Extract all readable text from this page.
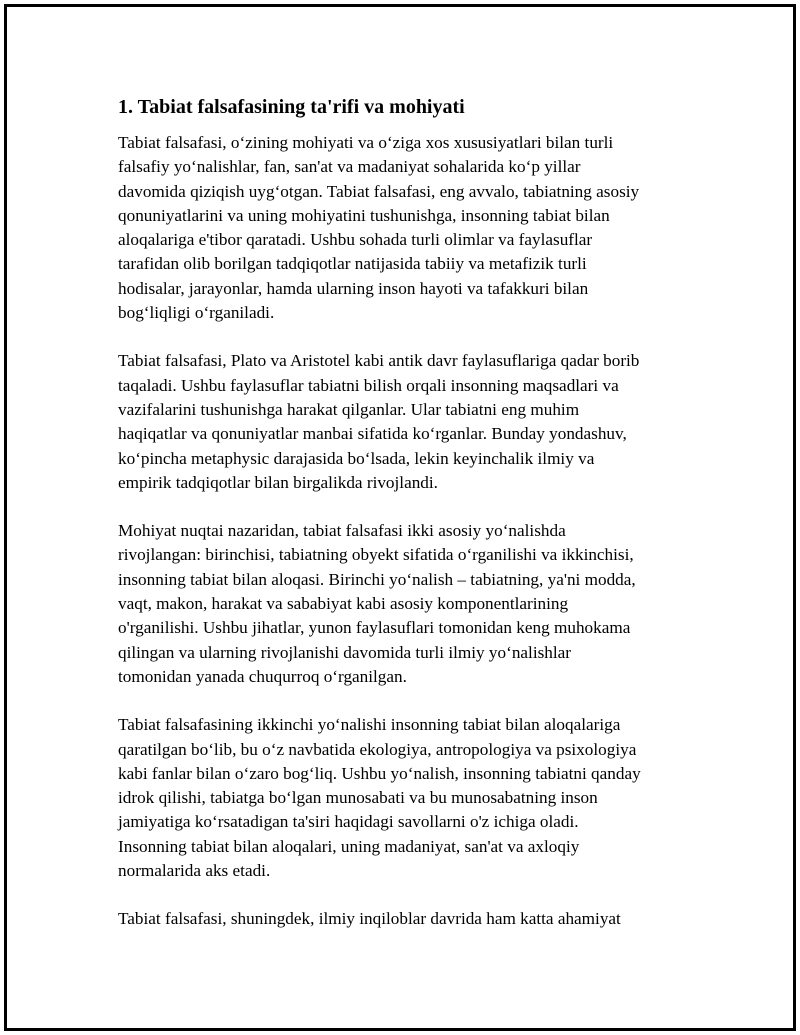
1. Tabiat falsafasining ta'rifi va mohiyati

Tabiat falsafasi, o‘zining mohiyati va o‘ziga xos xususiyatlari bilan turli
falsafiy yo‘nalishlar, fan, san'at va madaniyat sohalarida ko‘p yillar
davomida qiziqish uyg‘otgan. Tabiat falsafasi, eng avvalo, tabiatning asosiy
qonuniyatlarini va uning mohiyatini tushunishga, insonning tabiat bilan
aloqalariga e'tibor qaratadi. Ushbu sohada turli olimlar va faylasuflar
tarafidan olib borilgan tadqiqotlar natijasida tabiiy va metafizik turli
hodisalar, jarayonlar, hamda ularning inson hayoti va tafakkuri bilan
bog‘liqligi o‘rganiladi.

Tabiat falsafasi, Plato va Aristotel kabi antik davr faylasuflariga qadar borib
taqaladi. Ushbu faylasuflar tabiatni bilish orqali insonning maqsadlari va
vazifalarini tushunishga harakat qilganlar. Ular tabiatni eng muhim
haqiqatlar va qonuniyatlar manbai sifatida ko‘rganlar. Bunday yondashuv,
ko‘pincha metaphysic darajasida bo‘lsada, lekin keyinchalik ilmiy va
empirik tadqiqotlar bilan birgalikda rivojlandi.

Mohiyat nuqtai nazaridan, tabiat falsafasi ikki asosiy yo‘nalishda
rivojlangan: birinchisi, tabiatning obyekt sifatida o‘rganilishi va ikkinchisi,
insonning tabiat bilan aloqasi. Birinchi yo‘nalish – tabiatning, ya'ni modda,
vaqt, makon, harakat va sababiyat kabi asosiy komponentlarining
o'rganilishi. Ushbu jihatlar, yunon faylasuflari tomonidan keng muhokama
qilingan va ularning rivojlanishi davomida turli ilmiy yo‘nalishlar
tomonidan yanada chuqurroq o‘rganilgan.

Tabiat falsafasining ikkinchi yo‘nalishi insonning tabiat bilan aloqalariga
qaratilgan bo‘lib, bu o‘z navbatida ekologiya, antropologiya va psixologiya
kabi fanlar bilan o‘zaro bog‘liq. Ushbu yo‘nalish, insonning tabiatni qanday
idrok qilishi, tabiatga bo‘lgan munosabati va bu munosabatning inson
jamiyatiga ko‘rsatadigan ta'siri haqidagi savollarni o'z ichiga oladi.
Insonning tabiat bilan aloqalari, uning madaniyat, san'at va axloqiy
normalarida aks etadi.

Tabiat falsafasi, shuningdek, ilmiy inqiloblar davrida ham katta ahamiyat
